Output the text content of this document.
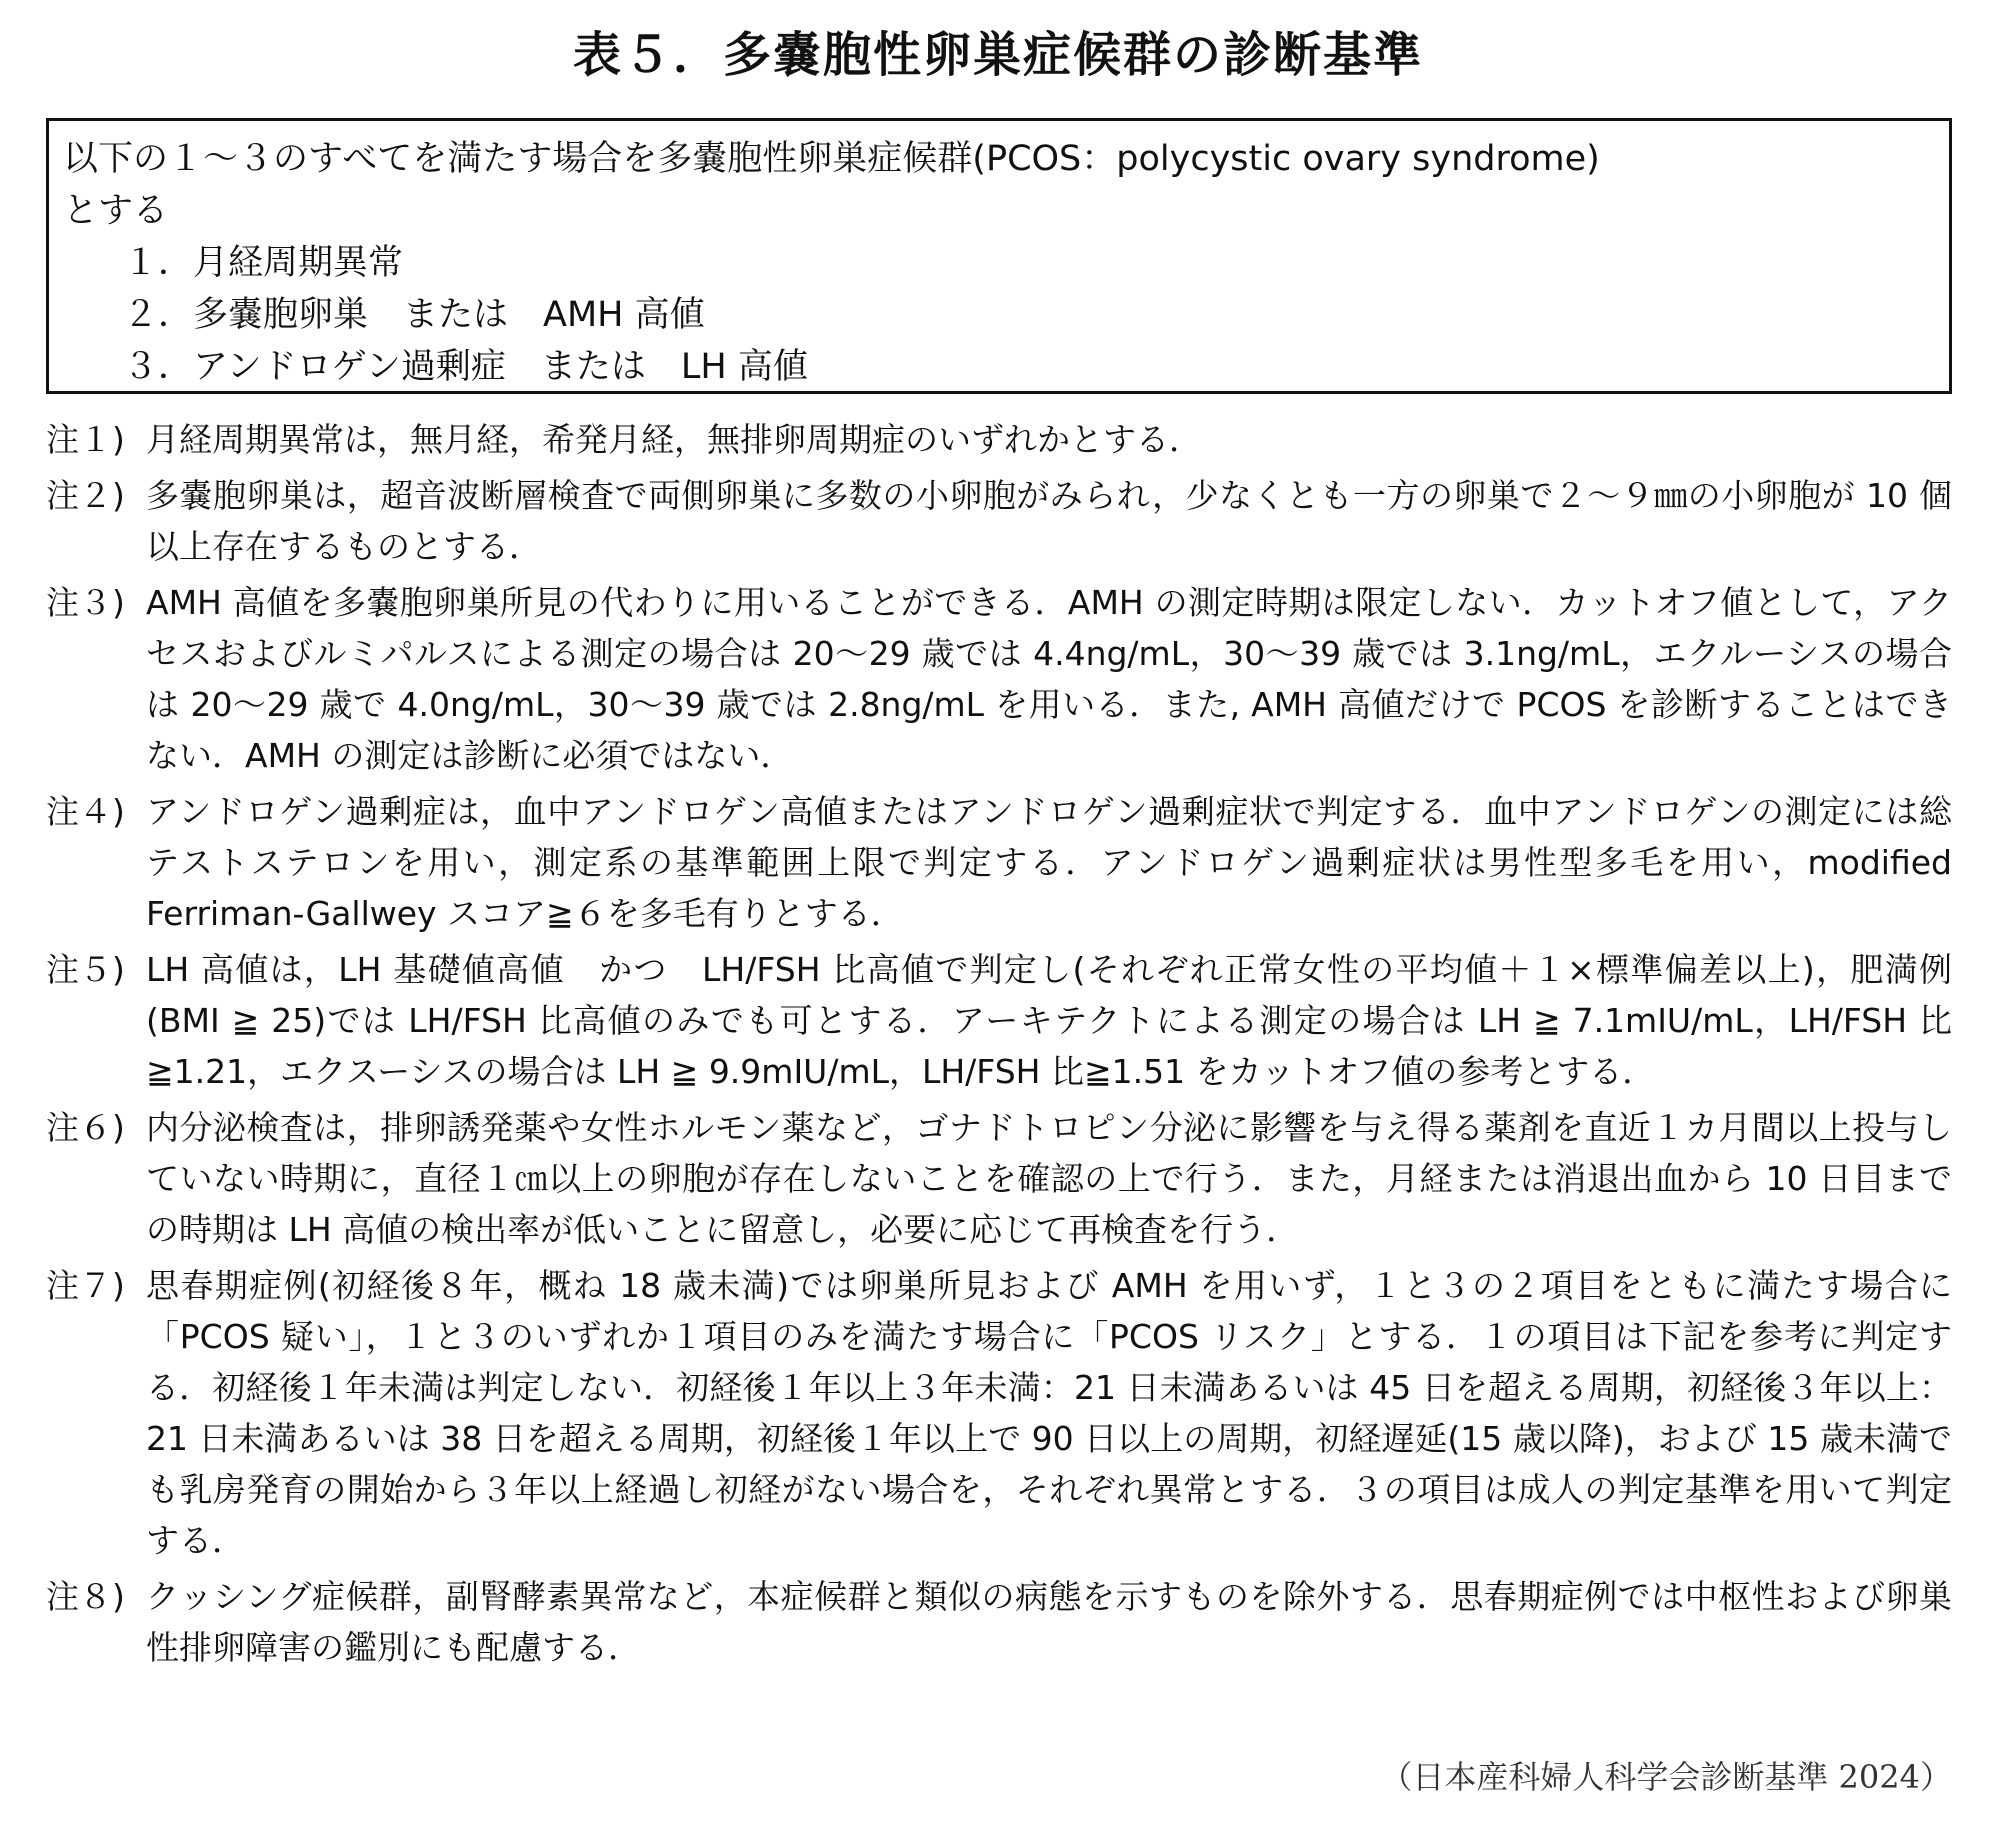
表５．多嚢胞性卵巣症候群の診断基準

以下の１～３のすべてを満たす場合を多嚢胞性卵巣症候群(PCOS：polycystic ovary syndrome)

とする

１．月経周期異常

２．多嚢胞卵巣　または　AMH 高値

３．アンドロゲン過剰症　または　LH 高値

注１) 月経周期異常は，無月経，希発月経，無排卵周期症のいずれかとする．
注２) 多嚢胞卵巣は，超音波断層検査で両側卵巣に多数の小卵胞がみられ，少なくとも一方の卵巣で２～９㎜の小卵胞が 10 個以上存在するものとする．
注３) AMH 高値を多嚢胞卵巣所見の代わりに用いることができる．AMH の測定時期は限定しない．カットオフ値として，アクセスおよびルミパルスによる測定の場合は 20～29 歳では 4.4ng/mL，30～39 歳では 3.1ng/mL，エクルーシスの場合は 20～29 歳で 4.0ng/mL，30～39 歳では 2.8ng/mL を用いる．また, AMH 高値だけで PCOS を診断することはできない．AMH の測定は診断に必須ではない．
注４) アンドロゲン過剰症は，血中アンドロゲン高値またはアンドロゲン過剰症状で判定する．血中アンドロゲンの測定には総テストステロンを用い，測定系の基準範囲上限で判定する．アンドロゲン過剰症状は男性型多毛を用い，modified Ferriman-Gallwey スコア≧６を多毛有りとする．
注５) LH 高値は，LH 基礎値高値　かつ　LH/FSH 比高値で判定し(それぞれ正常女性の平均値＋１×標準偏差以上)，肥満例(BMI ≧ 25)では LH/FSH 比高値のみでも可とする．アーキテクトによる測定の場合は LH ≧ 7.1mIU/mL，LH/FSH 比≧1.21，エクスーシスの場合は LH ≧ 9.9mIU/mL，LH/FSH 比≧1.51 をカットオフ値の参考とする．
注６) 内分泌検査は，排卵誘発薬や女性ホルモン薬など，ゴナドトロピン分泌に影響を与え得る薬剤を直近１カ月間以上投与していない時期に，直径１㎝以上の卵胞が存在しないことを確認の上で行う．また，月経または消退出血から 10 日目までの時期は LH 高値の検出率が低いことに留意し，必要に応じて再検査を行う．
注７) 思春期症例(初経後８年，概ね 18 歳未満)では卵巣所見および AMH を用いず，１と３の２項目をともに満たす場合に「PCOS 疑い」，１と３のいずれか１項目のみを満たす場合に「PCOS リスク」とする．１の項目は下記を参考に判定する．初経後１年未満は判定しない．初経後１年以上３年未満：21 日未満あるいは 45 日を超える周期，初経後３年以上：21 日未満あるいは 38 日を超える周期，初経後１年以上で 90 日以上の周期，初経遅延(15 歳以降)，および 15 歳未満でも乳房発育の開始から３年以上経過し初経がない場合を，それぞれ異常とする．３の項目は成人の判定基準を用いて判定する．
注８) クッシング症候群，副腎酵素異常など，本症候群と類似の病態を示すものを除外する．思春期症例では中枢性および卵巣性排卵障害の鑑別にも配慮する．
（日本産科婦人科学会診断基準 2024）
